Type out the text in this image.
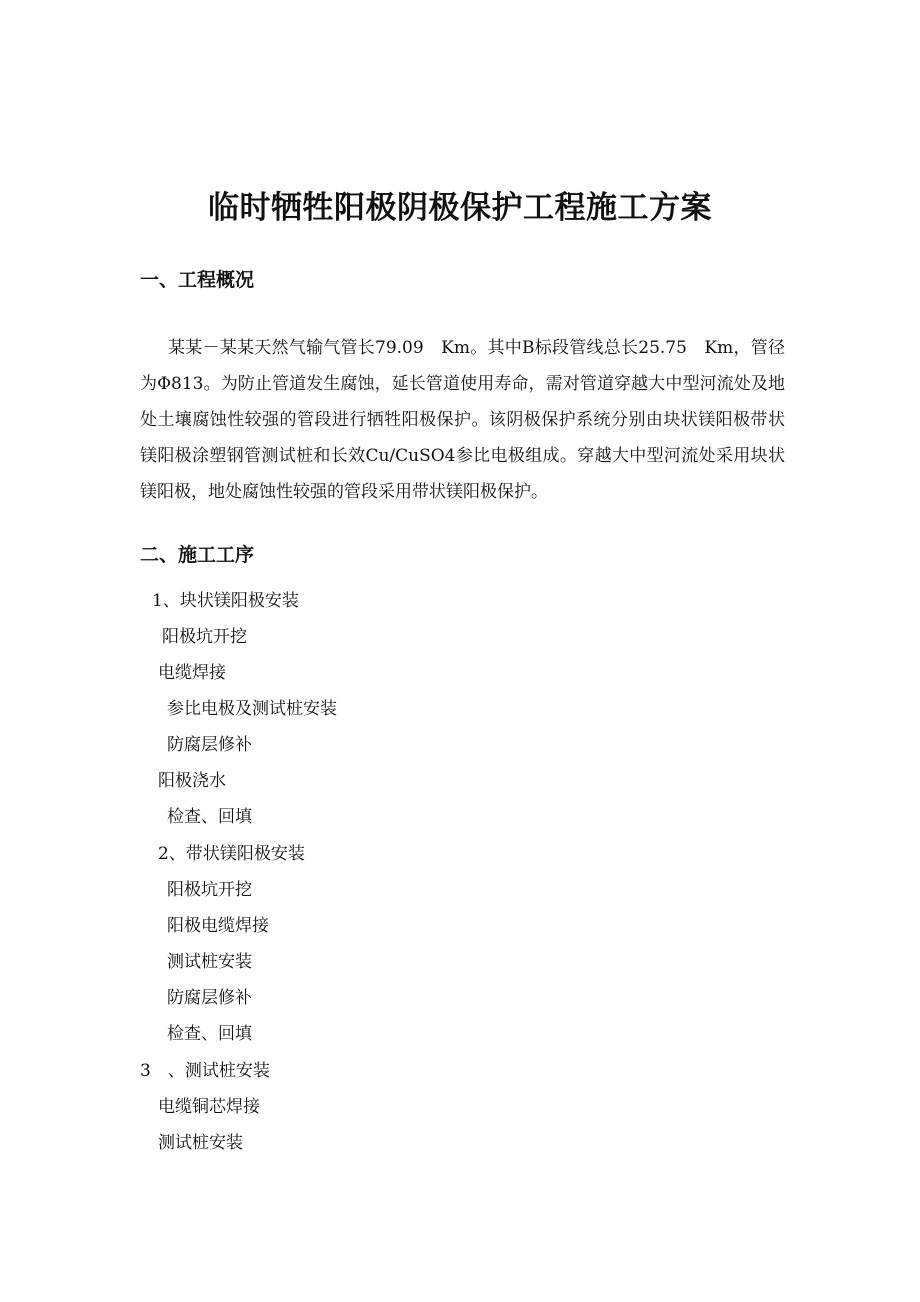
临时牺牲阳极阴极保护工程施工方案
一、工程概况

某某－某某天然气输气管长79.09　Km。其中B标段管线总长25.75　Km，管径为Φ813。为防止管道发生腐蚀，延长管道使用寿命，需对管道穿越大中型河流处及地处土壤腐蚀性较强的管段进行牺牲阳极保护。该阴极保护系统分别由块状镁阳极带状镁阳极涂塑钢管测试桩和长效Cu/CuSO4参比电极组成。穿越大中型河流处采用块状镁阳极，地处腐蚀性较强的管段采用带状镁阳极保护。

二、施工工序
1、块状镁阳极安装
阳极坑开挖
电缆焊接
参比电极及测试桩安装
防腐层修补
阳极浇水
检查、回填
2、带状镁阳极安装
阳极坑开挖
阳极电缆焊接
测试桩安装
防腐层修补
检查、回填
3　、测试桩安装
电缆铜芯焊接
测试桩安装
